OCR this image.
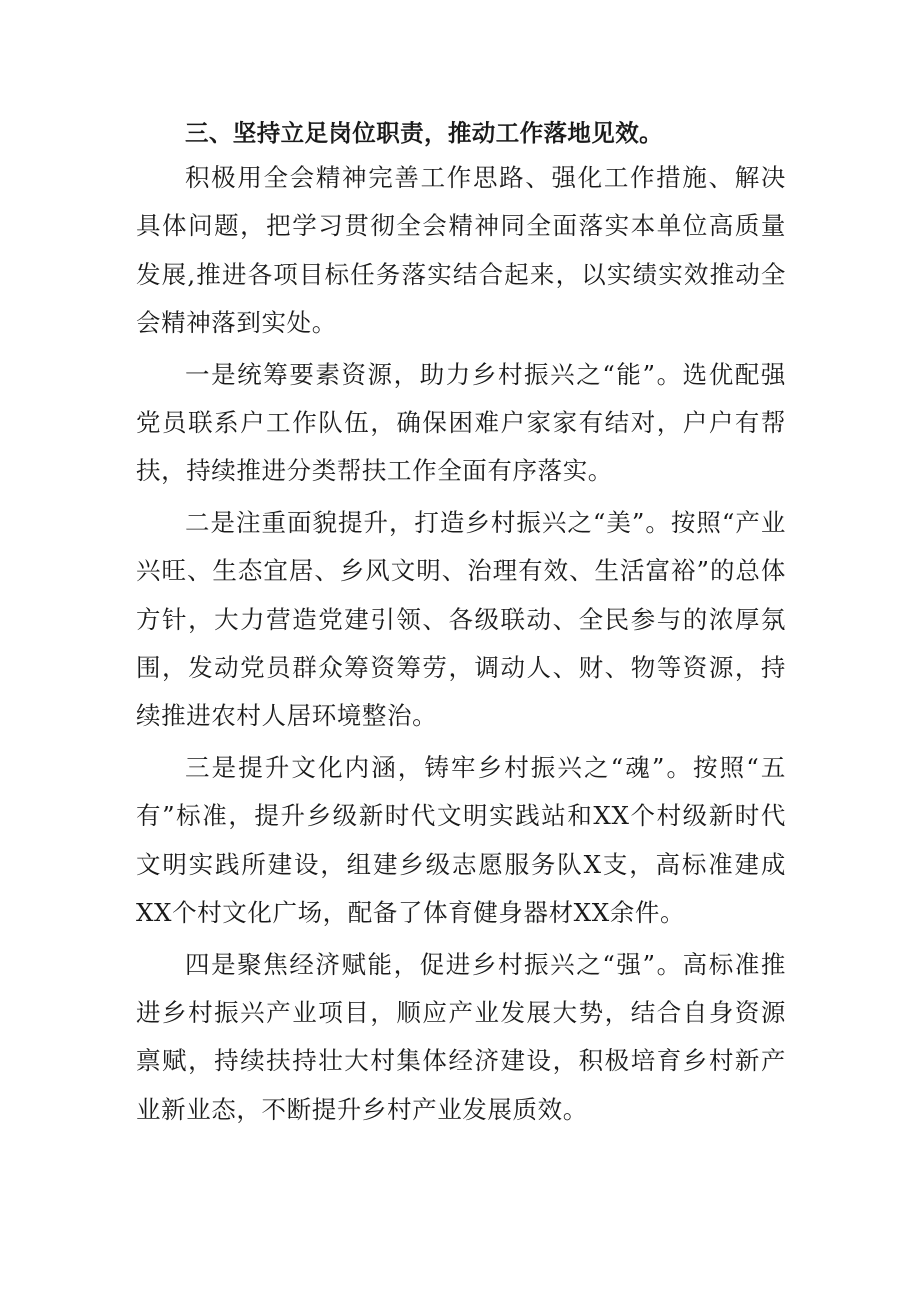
三、坚持立足岗位职责，推动工作落地见效。

积极用全会精神完善工作思路、强化工作措施、解决具体问题，把学习贯彻全会精神同全面落实本单位高质量发展,推进各项目标任务落实结合起来，以实绩实效推动全会精神落到实处。

一是统筹要素资源，助力乡村振兴之“能”。选优配强党员联系户工作队伍，确保困难户家家有结对，户户有帮扶，持续推进分类帮扶工作全面有序落实。

二是注重面貌提升，打造乡村振兴之“美”。按照“产业兴旺、生态宜居、乡风文明、治理有效、生活富裕”的总体方针，大力营造党建引领、各级联动、全民参与的浓厚氛围，发动党员群众筹资筹劳，调动人、财、物等资源，持续推进农村人居环境整治。

三是提升文化内涵，铸牢乡村振兴之“魂”。按照“五有”标准，提升乡级新时代文明实践站和XX个村级新时代文明实践所建设，组建乡级志愿服务队X支，高标准建成XX个村文化广场，配备了体育健身器材XX余件。

四是聚焦经济赋能，促进乡村振兴之“强”。高标准推进乡村振兴产业项目，顺应产业发展大势，结合自身资源禀赋，持续扶持壮大村集体经济建设，积极培育乡村新产业新业态，不断提升乡村产业发展质效。
